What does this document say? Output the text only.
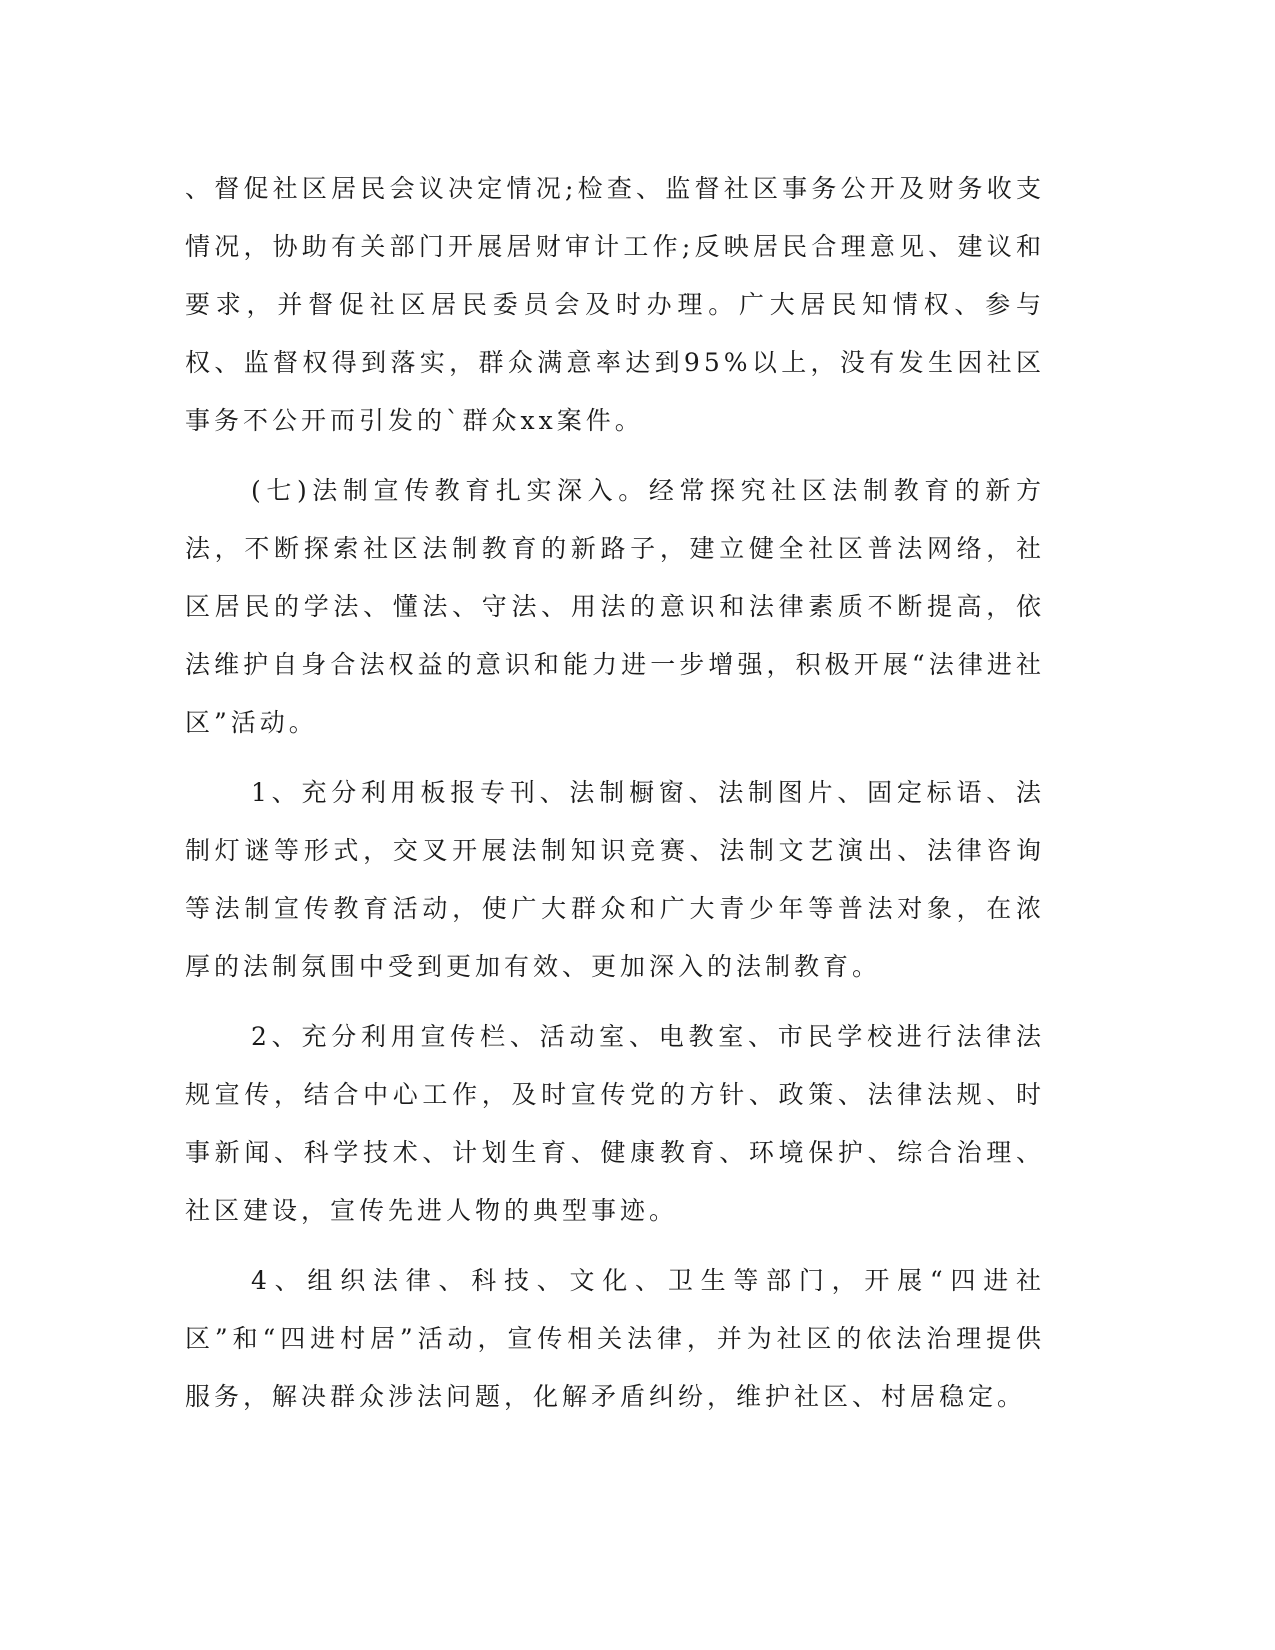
、督促社区居民会议决定情况;检查、监督社区事务公开及财务收支情况，协助有关部门开展居财审计工作;反映居民合理意见、建议和要求，并督促社区居民委员会及时办理。广大居民知情权、参与权、监督权得到落实，群众满意率达到95%以上，没有发生因社区事务不公开而引发的`群众xx案件。

(七)法制宣传教育扎实深入。经常探究社区法制教育的新方法，不断探索社区法制教育的新路子，建立健全社区普法网络，社区居民的学法、懂法、守法、用法的意识和法律素质不断提高，依法维护自身合法权益的意识和能力进一步增强，积极开展“法律进社区”活动。

1、充分利用板报专刊、法制橱窗、法制图片、固定标语、法制灯谜等形式，交叉开展法制知识竞赛、法制文艺演出、法律咨询等法制宣传教育活动，使广大群众和广大青少年等普法对象，在浓厚的法制氛围中受到更加有效、更加深入的法制教育。

2、充分利用宣传栏、活动室、电教室、市民学校进行法律法规宣传，结合中心工作，及时宣传党的方针、政策、法律法规、时事新闻、科学技术、计划生育、健康教育、环境保护、综合治理、社区建设，宣传先进人物的典型事迹。

4、组织法律、科技、文化、卫生等部门，开展“四进社区”和“四进村居”活动，宣传相关法律，并为社区的依法治理提供服务，解决群众涉法问题，化解矛盾纠纷，维护社区、村居稳定。
